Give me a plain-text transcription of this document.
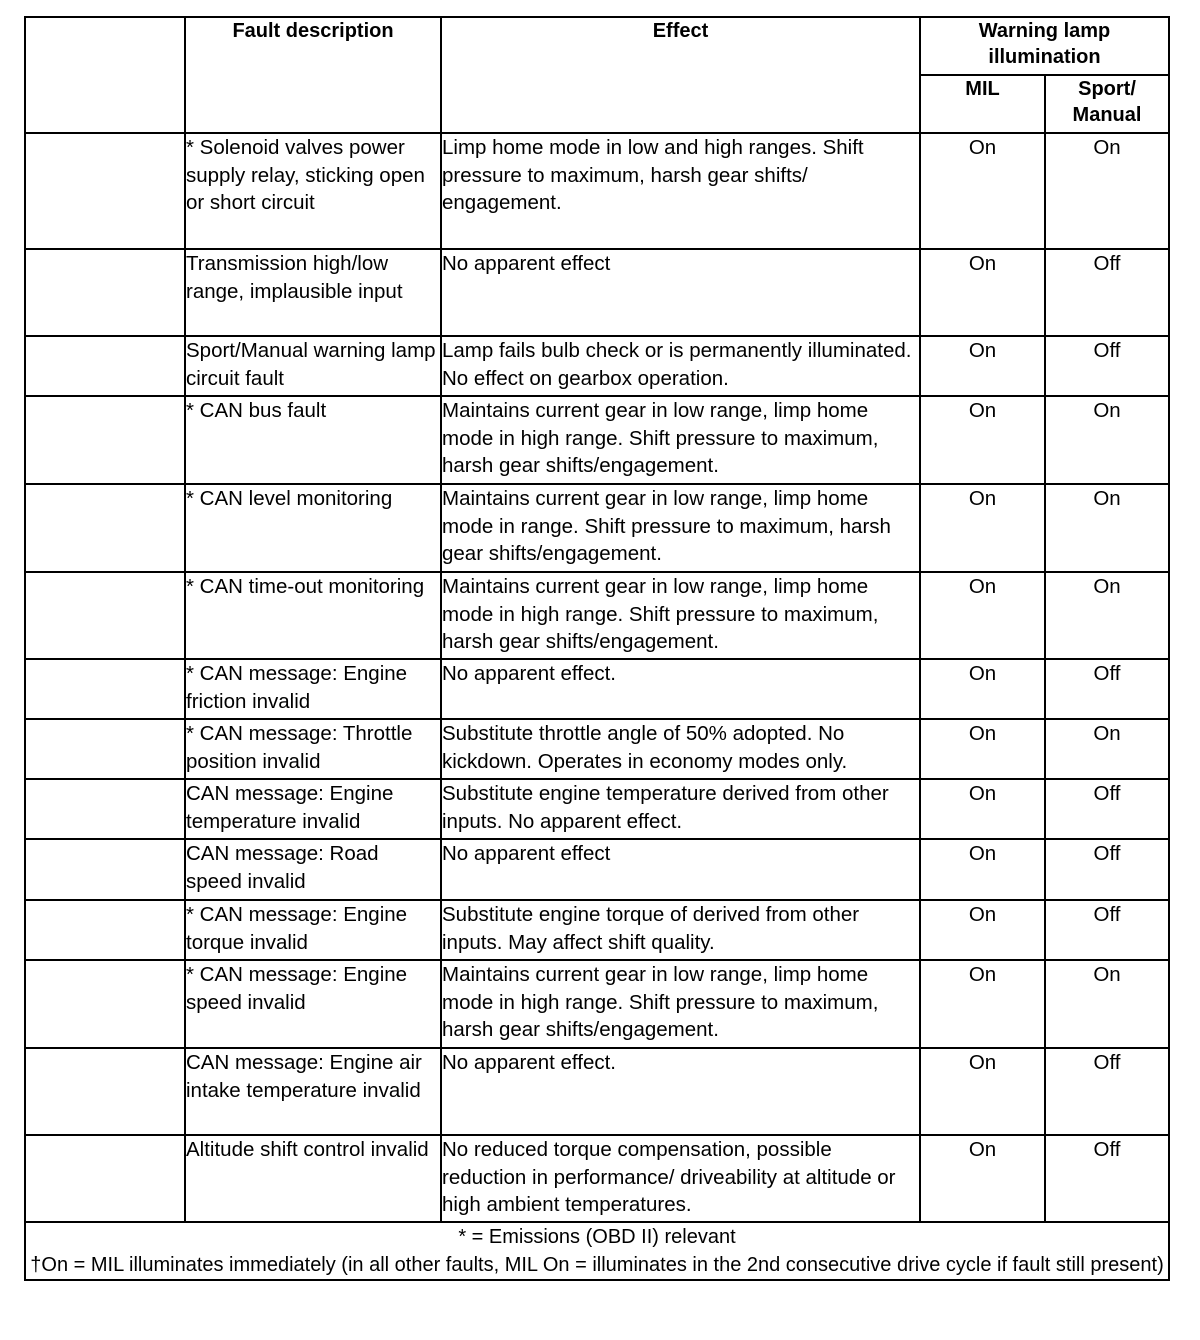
	Fault description	Effect	Warning lamp illumination	
			MIL	Sport/ Manual
	* Solenoid valves power supply relay, sticking open or short circuit	Limp home mode in low and high ranges. Shift pressure to maximum, harsh gear shifts/ engagement.	On	On
	Transmission high/low range, implausible input	No apparent effect	On	Off
	Sport/Manual warning lamp circuit fault	Lamp fails bulb check or is permanently illuminated. No effect on gearbox operation.	On	Off
	* CAN bus fault	Maintains current gear in low range, limp home mode in high range. Shift pressure to maximum, harsh gear shifts/engagement.	On	On
	* CAN level monitoring	Maintains current gear in low range, limp home mode in range. Shift pressure to maximum, harsh gear shifts/engagement.	On	On
	* CAN time-out monitoring	Maintains current gear in low range, limp home mode in high range. Shift pressure to maximum, harsh gear shifts/engagement.	On	On
	* CAN message: Engine friction invalid	No apparent effect.	On	Off
	* CAN message: Throttle position invalid	Substitute throttle angle of 50% adopted. No kickdown. Operates in economy modes only.	On	On
	CAN message: Engine temperature invalid	Substitute engine temperature derived from other inputs. No apparent effect.	On	Off
	CAN message: Road speed invalid	No apparent effect	On	Off
	* CAN message: Engine torque invalid	Substitute engine torque of derived from other inputs. May affect shift quality.	On	Off
	* CAN message: Engine speed invalid	Maintains current gear in low range, limp home mode in high range. Shift pressure to maximum, harsh gear shifts/engagement.	On	On
	CAN message: Engine air intake temperature invalid	No apparent effect.	On	Off
	Altitude shift control invalid	No reduced torque compensation, possible reduction in performance/ driveability at altitude or high ambient temperatures.	On	Off

* = Emissions (OBD II) relevant
†On = MIL illuminates immediately (in all other faults, MIL On = illuminates in the 2nd consecutive drive cycle if fault still present)				
